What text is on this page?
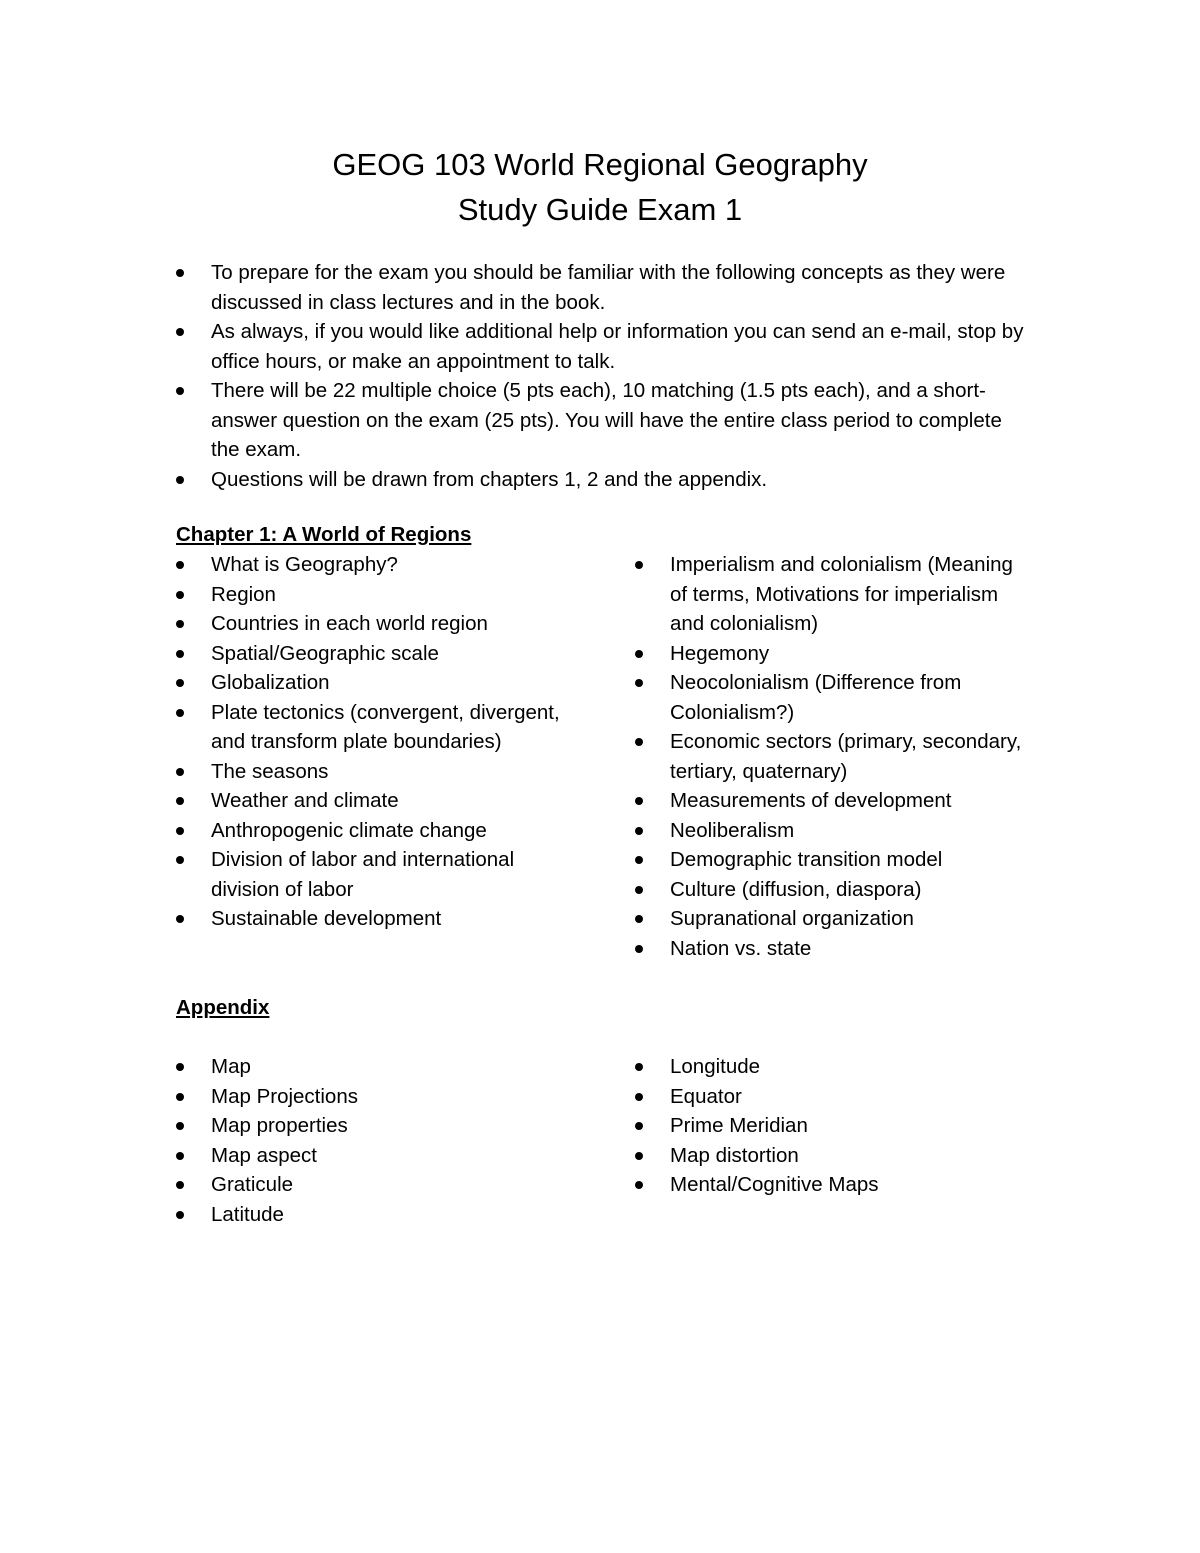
GEOG 103 World Regional Geography
Study Guide Exam 1
To prepare for the exam you should be familiar with the following concepts as they were discussed in class lectures and in the book.
As always, if you would like additional help or information you can send an e-mail, stop by office hours, or make an appointment to talk.
There will be 22 multiple choice (5 pts each), 10 matching (1.5 pts each), and a short-answer question on the exam (25 pts). You will have the entire class period to complete the exam.
Questions will be drawn from chapters 1, 2 and the appendix.
Chapter 1: A World of Regions
What is Geography?
Region
Countries in each world region
Spatial/Geographic scale
Globalization
Plate tectonics (convergent, divergent, and transform plate boundaries)
The seasons
Weather and climate
Anthropogenic climate change
Division of labor and international division of labor
Sustainable development
Imperialism and colonialism (Meaning of terms, Motivations for imperialism and colonialism)
Hegemony
Neocolonialism (Difference from Colonialism?)
Economic sectors (primary, secondary, tertiary, quaternary)
Measurements of development
Neoliberalism
Demographic transition model
Culture (diffusion, diaspora)
Supranational organization
Nation vs. state
Appendix
Map
Map Projections
Map properties
Map aspect
Graticule
Latitude
Longitude
Equator
Prime Meridian
Map distortion
Mental/Cognitive Maps
